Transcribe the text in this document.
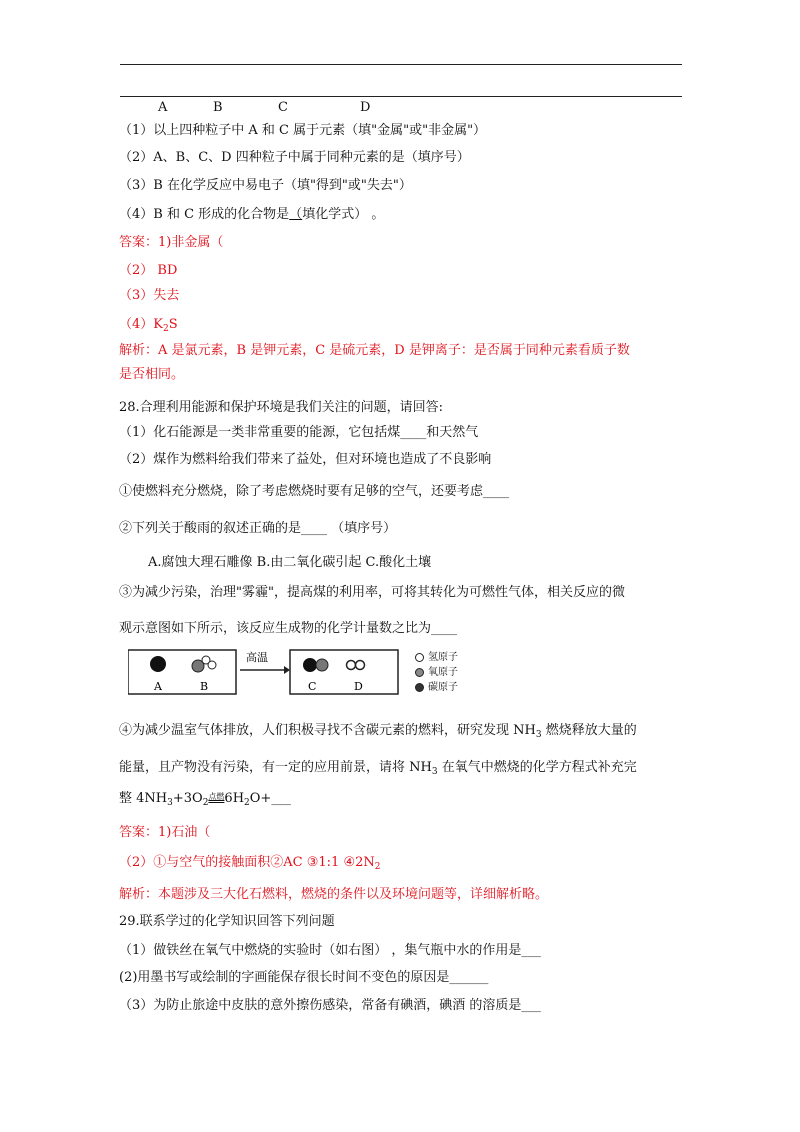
A	B	C	D
（1）以上四种粒子中 A 和 C 属于元素（填"金属"或"非金属"）
（2）A、B、C、D 四种粒子中属于同种元素的是（填序号）
（3）B 在化学反应中易电子（填"得到"或"失去"）
（4）B 和 C 形成的化合物是（填化学式） 。
答案：1)非金属（
（2） BD
（3）失去
$(4)K_2S$
解析：A 是氯元素，B 是钾元素，C 是硫元素，D 是钾离子：是否属于同种元素看质子数
是否相同。
28.合理利用能源和保护环境是我们关注的问题，请回答:
（1）化石能源是一类非常重要的能源，它包括煤____和天然气
（2）煤作为燃料给我们带来了益处，但对环境也造成了不良影响
①使燃料充分燃烧，除了考虑燃烧时要有足够的空气，还要考虑____
②下列关于酸雨的叙述正确的是____ （填序号）
A.腐蚀大理石雕像 B.由二氧化碳引起 C.酸化土壤
③为减少污染，治理"雾霾"，提高煤的利用率，可将其转化为可燃性气体，相关反应的微
观示意图如下所示，该反应生成物的化学计量数之比为____
A	B
高温
C	D
氢原子
氧原子
碳原子
④为减少温室气体排放，人们积极寻找不含碳元素的燃料，研究发现 $NH_3$ 燃烧释放大量的
能量，且产物没有污染，有一定的应用前景，请将 $NH_3$ 在氧气中燃烧的化学方程式补充完
整 $4NH_3+3O_2^{点燃}6H_2O+\_\_\_$
答案：1)石油（
（2）①与空气的接触面积②AC ③1:1 $④2N_2$
解析：本题涉及三大化石燃料，燃烧的条件以及环境问题等，详细解析略。
29.联系学过的化学知识回答下列问题
（1）做铁丝在氧气中燃烧的实验时（如右图） ，集气瓶中水的作用是___
(2)用墨书写或绘制的字画能保存很长时间不变色的原因是______
（3）为防止旅途中皮肤的意外擦伤感染，常备有碘酒，碘酒 的溶质是___
